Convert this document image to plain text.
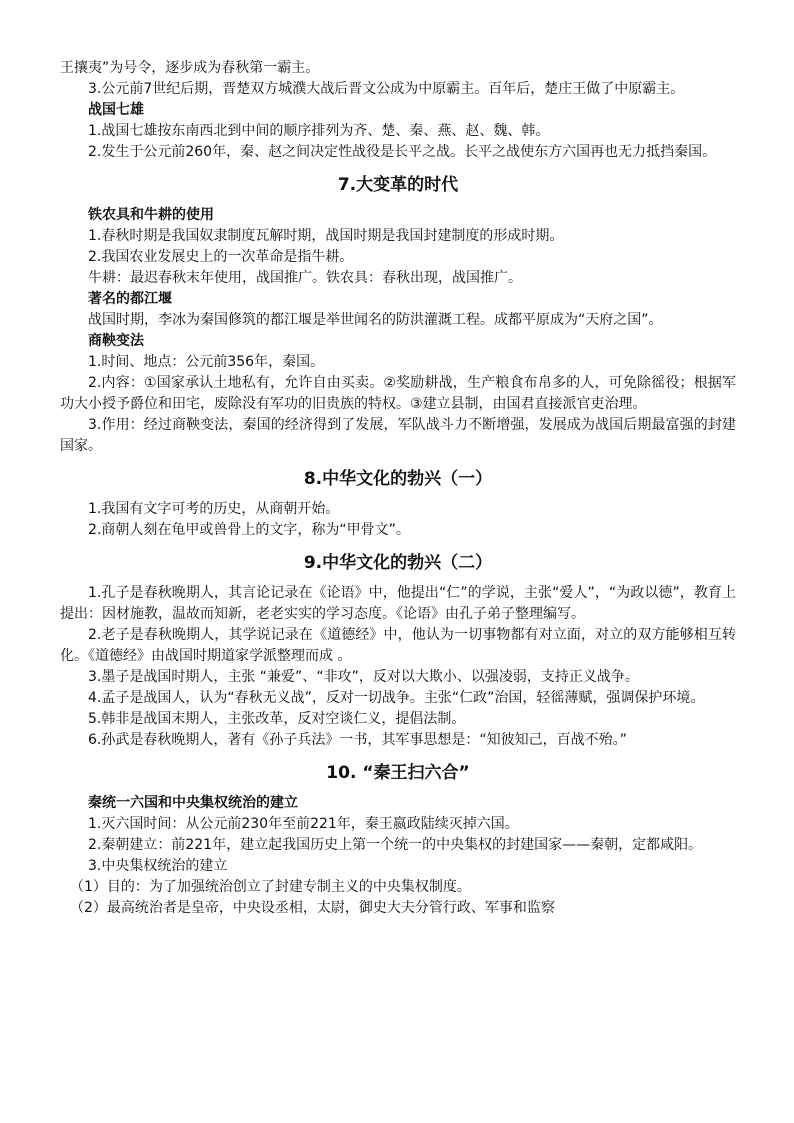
王攘夷”为号令，逐步成为春秋第一霸主。

3.公元前7世纪后期，晋楚双方城濮大战后晋文公成为中原霸主。百年后，楚庄王做了中原霸主。

战国七雄

1.战国七雄按东南西北到中间的顺序排列为齐、楚、秦、燕、赵、魏、韩。

2.发生于公元前260年，秦、赵之间决定性战役是长平之战。长平之战使东方六国再也无力抵挡秦国。

7.大变革的时代

铁农具和牛耕的使用

1.春秋时期是我国奴隶制度瓦解时期，战国时期是我国封建制度的形成时期。

2.我国农业发展史上的一次革命是指牛耕。

牛耕：最迟春秋末年使用，战国推广。铁农具：春秋出现，战国推广。

著名的都江堰

战国时期，李冰为秦国修筑的都江堰是举世闻名的防洪灌溉工程。成都平原成为“天府之国”。

商鞅变法

1.时间、地点：公元前356年，秦国。

2.内容：①国家承认土地私有，允许自由买卖。②奖励耕战，生产粮食布帛多的人，可免除徭役；根据军功大小授予爵位和田宅，废除没有军功的旧贵族的特权。③建立县制，由国君直接派官吏治理。

3.作用：经过商鞅变法，秦国的经济得到了发展，军队战斗力不断增强，发展成为战国后期最富强的封建国家。

8.中华文化的勃兴（一）

1.我国有文字可考的历史，从商朝开始。

2.商朝人刻在龟甲或兽骨上的文字，称为“甲骨文”。

9.中华文化的勃兴（二）

1.孔子是春秋晚期人，其言论记录在《论语》中，他提出“仁”的学说，主张“爱人”，“为政以德”，教育上提出：因材施教，温故而知新，老老实实的学习态度。《论语》由孔子弟子整理编写。

2.老子是春秋晚期人，其学说记录在《道德经》中，他认为一切事物都有对立面，对立的双方能够相互转化。《道德经》由战国时期道家学派整理而成 。

3.墨子是战国时期人，主张 “兼爱”、“非攻”，反对以大欺小、以强凌弱，支持正义战争。

4.孟子是战国人，认为“春秋无义战”，反对一切战争。主张“仁政”治国，轻徭薄赋，强调保护环境。

5.韩非是战国末期人，主张改革，反对空谈仁义，提倡法制。

6.孙武是春秋晚期人，著有《孙子兵法》一书，其军事思想是：“知彼知己，百战不殆。”

10. “秦王扫六合”

秦统一六国和中央集权统治的建立

1.灭六国时间：从公元前230年至前221年，秦王嬴政陆续灭掉六国。

2.秦朝建立：前221年，建立起我国历史上第一个统一的中央集权的封建国家——秦朝，定都咸阳。

3.中央集权统治的建立

（1）目的：为了加强统治创立了封建专制主义的中央集权制度。

（2）最高统治者是皇帝，中央设丞相，太尉，御史大夫分管行政、军事和监察
